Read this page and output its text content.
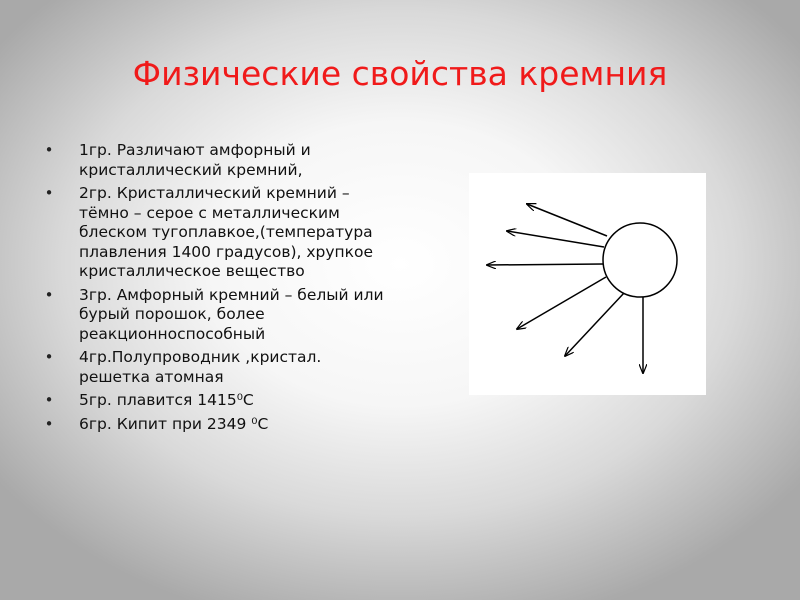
Физические свойства кремния
• 1гр. Различают амфорный и кристаллический кремний,
• 2гр. Кристаллический кремний – тёмно – серое с металлическим блеском тугоплавкое,(температура плавления 1400 градусов), хрупкое кристаллическое вещество
• 3гр. Амфорный кремний – белый или бурый порошок, более реакционноспособный
• 4гр.Полупроводник ,кристал. решетка атомная
• 5гр. плавится 1415⁰С
• 6гр. Кипит при 2349 ⁰С
